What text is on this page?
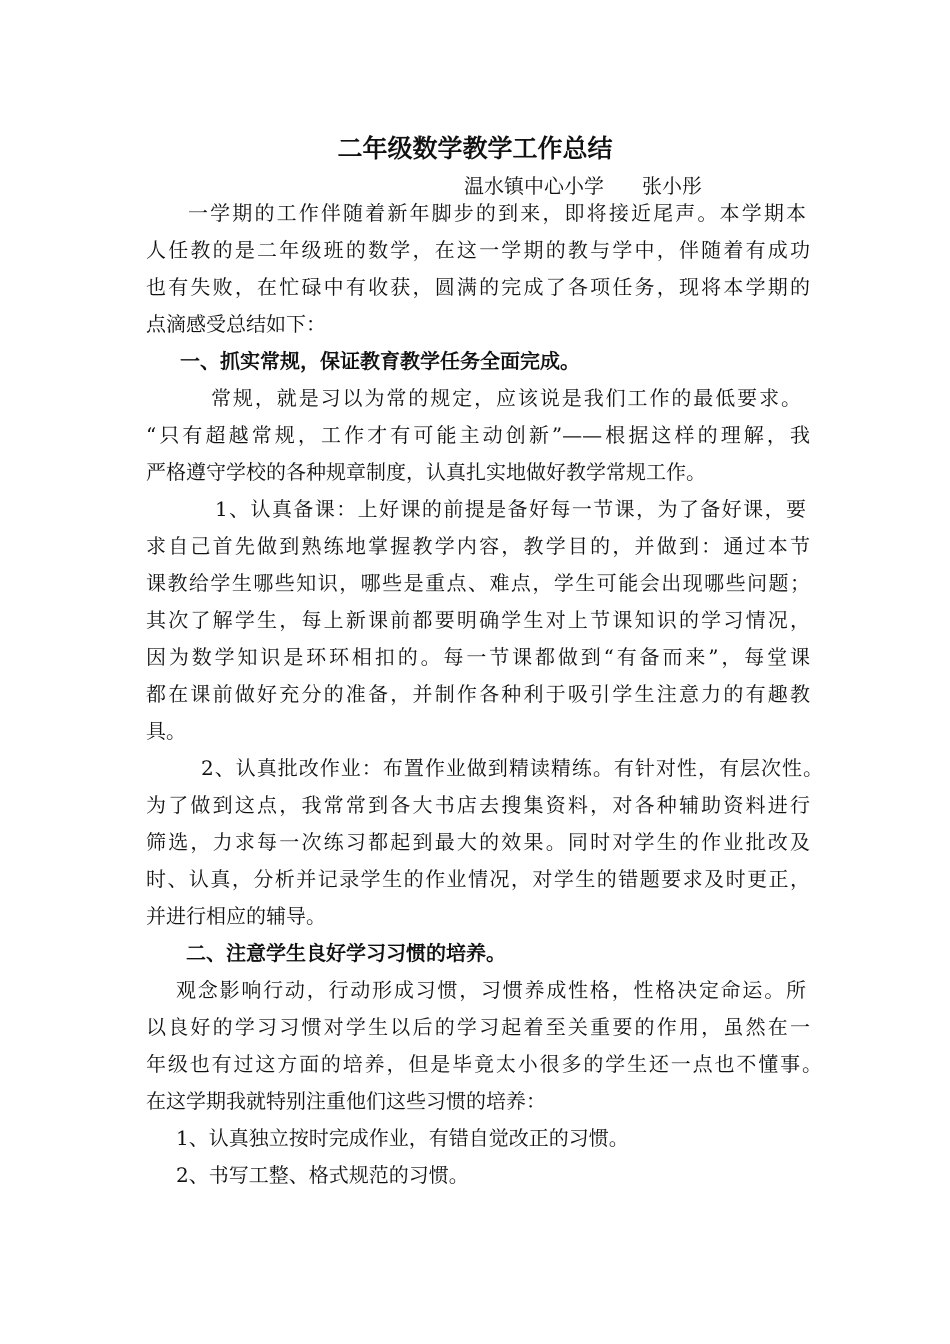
二年级数学教学工作总结
温水镇中心小学 张小彤
一学期的工作伴随着新年脚步的到来，即将接近尾声。本学期本
人任教的是二年级班的数学，在这一学期的教与学中，伴随着有成功
也有失败，在忙碌中有收获，圆满的完成了各项任务，现将本学期的
点滴感受总结如下：
一、抓实常规，保证教育教学任务全面完成。
常规，就是习以为常的规定，应该说是我们工作的最低要求。
“只有超越常规，工作才有可能主动创新”——根据这样的理解，我
严格遵守学校的各种规章制度，认真扎实地做好教学常规工作。
1、认真备课：上好课的前提是备好每一节课，为了备好课，要
求自己首先做到熟练地掌握教学内容，教学目的，并做到：通过本节
课教给学生哪些知识，哪些是重点、难点，学生可能会出现哪些问题；
其次了解学生，每上新课前都要明确学生对上节课知识的学习情况，
因为数学知识是环环相扣的。每一节课都做到“有备而来”，每堂课
都在课前做好充分的准备，并制作各种利于吸引学生注意力的有趣教
具。
2、认真批改作业：布置作业做到精读精练。有针对性，有层次性。
为了做到这点，我常常到各大书店去搜集资料，对各种辅助资料进行
筛选，力求每一次练习都起到最大的效果。同时对学生的作业批改及
时、认真，分析并记录学生的作业情况，对学生的错题要求及时更正，
并进行相应的辅导。
二、注意学生良好学习习惯的培养。
观念影响行动，行动形成习惯，习惯养成性格，性格决定命运。所
以良好的学习习惯对学生以后的学习起着至关重要的作用，虽然在一
年级也有过这方面的培养，但是毕竟太小很多的学生还一点也不懂事。
在这学期我就特别注重他们这些习惯的培养：
1、认真独立按时完成作业，有错自觉改正的习惯。
2、书写工整、格式规范的习惯。
